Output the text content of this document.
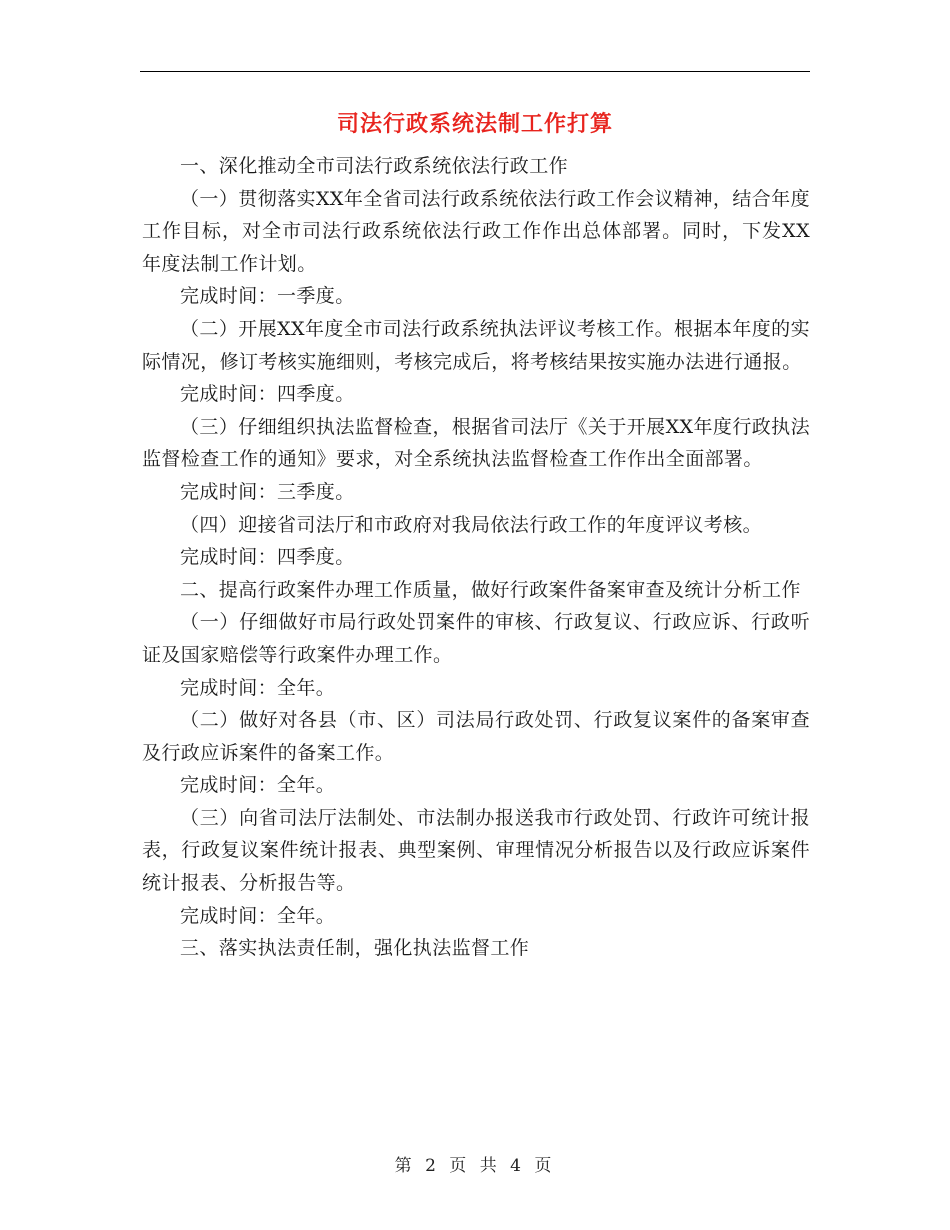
司法行政系统法制工作打算

一、深化推动全市司法行政系统依法行政工作

（一）贯彻落实XX年全省司法行政系统依法行政工作会议精神，结合年度工作目标，对全市司法行政系统依法行政工作作出总体部署。同时，下发XX年度法制工作计划。

完成时间：一季度。

（二）开展XX年度全市司法行政系统执法评议考核工作。根据本年度的实际情况，修订考核实施细则，考核完成后，将考核结果按实施办法进行通报。

完成时间：四季度。

（三）仔细组织执法监督检查，根据省司法厅《关于开展XX年度行政执法监督检查工作的通知》要求，对全系统执法监督检查工作作出全面部署。

完成时间：三季度。

（四）迎接省司法厅和市政府对我局依法行政工作的年度评议考核。

完成时间：四季度。

二、提高行政案件办理工作质量，做好行政案件备案审查及统计分析工作

（一）仔细做好市局行政处罚案件的审核、行政复议、行政应诉、行政听证及国家赔偿等行政案件办理工作。

完成时间：全年。

（二）做好对各县（市、区）司法局行政处罚、行政复议案件的备案审查及行政应诉案件的备案工作。

完成时间：全年。

（三）向省司法厅法制处、市法制办报送我市行政处罚、行政许可统计报表，行政复议案件统计报表、典型案例、审理情况分析报告以及行政应诉案件统计报表、分析报告等。

完成时间：全年。

三、落实执法责任制，强化执法监督工作

第 2 页 共 4 页
